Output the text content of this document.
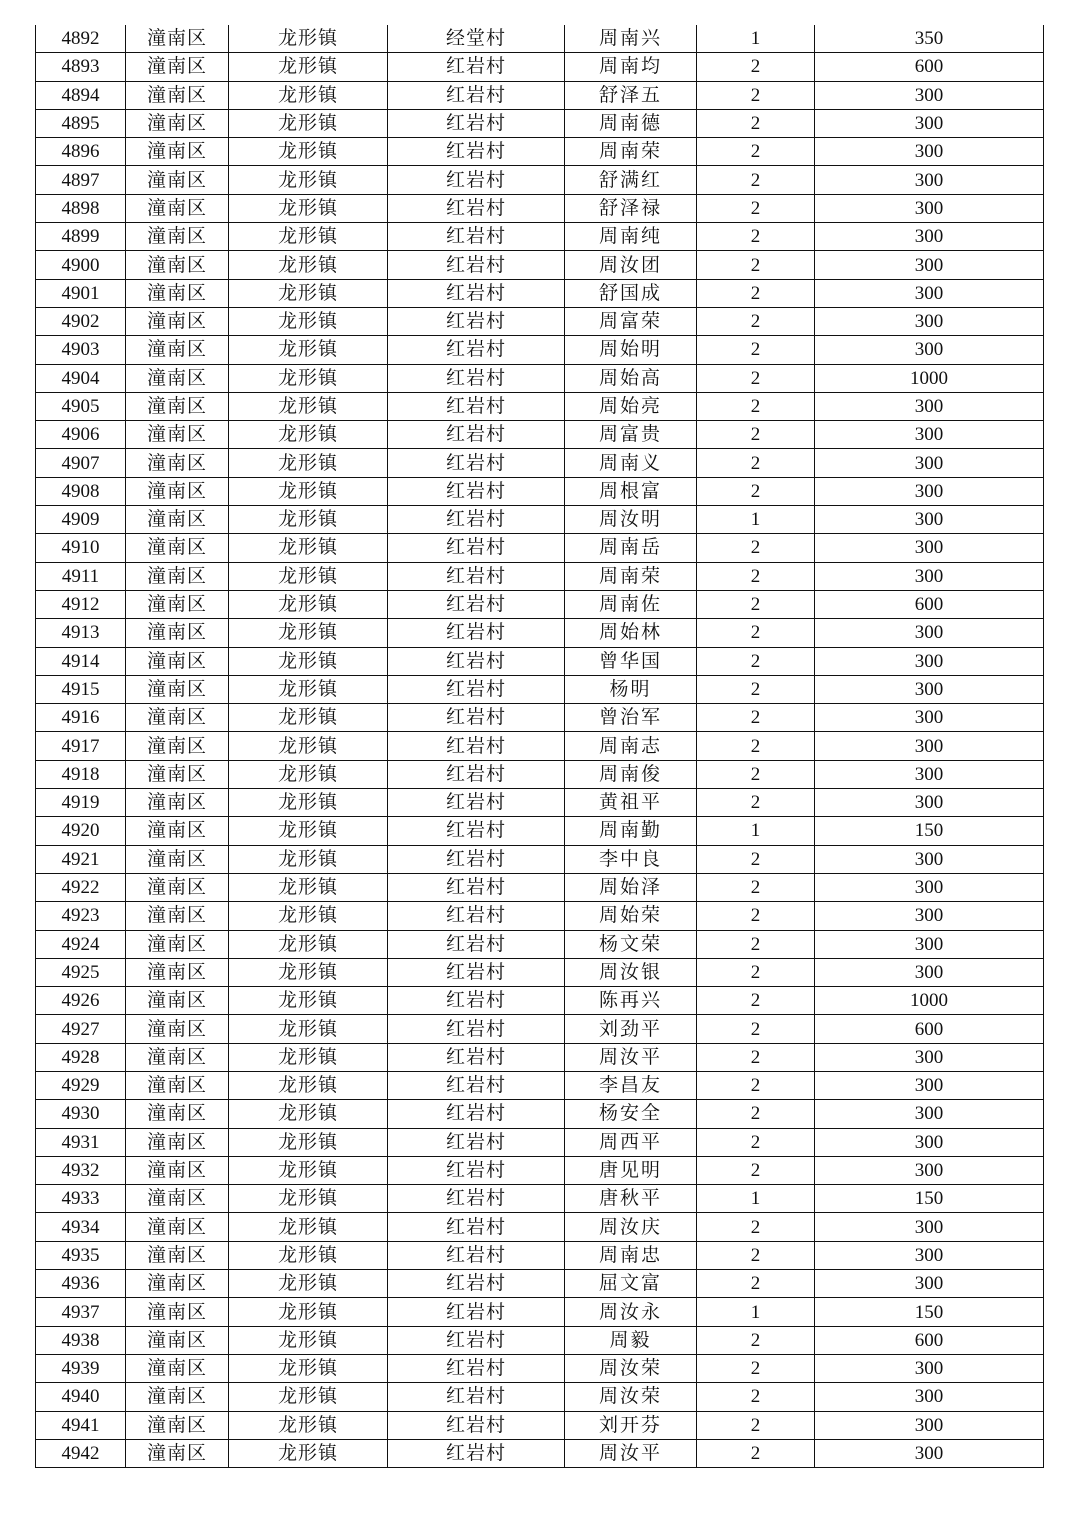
4892	潼南区	龙形镇	经堂村	周南兴	1	350
4893	潼南区	龙形镇	红岩村	周南均	2	600
4894	潼南区	龙形镇	红岩村	舒泽五	2	300
4895	潼南区	龙形镇	红岩村	周南德	2	300
4896	潼南区	龙形镇	红岩村	周南荣	2	300
4897	潼南区	龙形镇	红岩村	舒满红	2	300
4898	潼南区	龙形镇	红岩村	舒泽禄	2	300
4899	潼南区	龙形镇	红岩村	周南纯	2	300
4900	潼南区	龙形镇	红岩村	周汝团	2	300
4901	潼南区	龙形镇	红岩村	舒国成	2	300
4902	潼南区	龙形镇	红岩村	周富荣	2	300
4903	潼南区	龙形镇	红岩村	周始明	2	300
4904	潼南区	龙形镇	红岩村	周始高	2	1000
4905	潼南区	龙形镇	红岩村	周始亮	2	300
4906	潼南区	龙形镇	红岩村	周富贵	2	300
4907	潼南区	龙形镇	红岩村	周南义	2	300
4908	潼南区	龙形镇	红岩村	周根富	2	300
4909	潼南区	龙形镇	红岩村	周汝明	1	300
4910	潼南区	龙形镇	红岩村	周南岳	2	300
4911	潼南区	龙形镇	红岩村	周南荣	2	300
4912	潼南区	龙形镇	红岩村	周南佐	2	600
4913	潼南区	龙形镇	红岩村	周始林	2	300
4914	潼南区	龙形镇	红岩村	曾华国	2	300
4915	潼南区	龙形镇	红岩村	杨明	2	300
4916	潼南区	龙形镇	红岩村	曾治军	2	300
4917	潼南区	龙形镇	红岩村	周南志	2	300
4918	潼南区	龙形镇	红岩村	周南俊	2	300
4919	潼南区	龙形镇	红岩村	黄祖平	2	300
4920	潼南区	龙形镇	红岩村	周南勤	1	150
4921	潼南区	龙形镇	红岩村	李中良	2	300
4922	潼南区	龙形镇	红岩村	周始泽	2	300
4923	潼南区	龙形镇	红岩村	周始荣	2	300
4924	潼南区	龙形镇	红岩村	杨文荣	2	300
4925	潼南区	龙形镇	红岩村	周汝银	2	300
4926	潼南区	龙形镇	红岩村	陈再兴	2	1000
4927	潼南区	龙形镇	红岩村	刘劲平	2	600
4928	潼南区	龙形镇	红岩村	周汝平	2	300
4929	潼南区	龙形镇	红岩村	李昌友	2	300
4930	潼南区	龙形镇	红岩村	杨安全	2	300
4931	潼南区	龙形镇	红岩村	周西平	2	300
4932	潼南区	龙形镇	红岩村	唐见明	2	300
4933	潼南区	龙形镇	红岩村	唐秋平	1	150
4934	潼南区	龙形镇	红岩村	周汝庆	2	300
4935	潼南区	龙形镇	红岩村	周南忠	2	300
4936	潼南区	龙形镇	红岩村	屈文富	2	300
4937	潼南区	龙形镇	红岩村	周汝永	1	150
4938	潼南区	龙形镇	红岩村	周毅	2	600
4939	潼南区	龙形镇	红岩村	周汝荣	2	300
4940	潼南区	龙形镇	红岩村	周汝荣	2	300
4941	潼南区	龙形镇	红岩村	刘开芬	2	300
4942	潼南区	龙形镇	红岩村	周汝平	2	300
